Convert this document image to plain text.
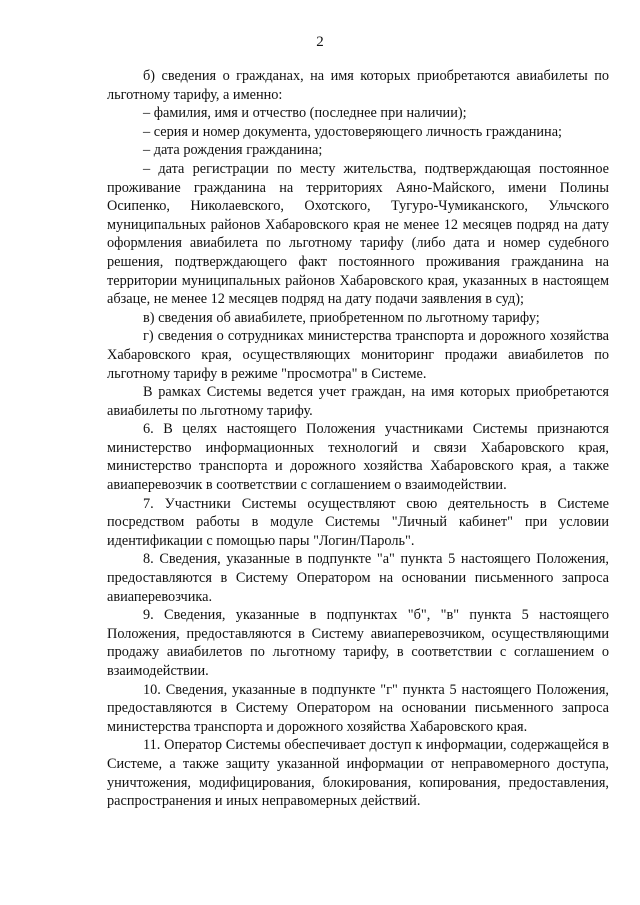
2

б) сведения о гражданах, на имя которых приобретаются авиабилеты по льготному тарифу, а именно:

– фамилия, имя и отчество (последнее при наличии);

– серия и номер документа, удостоверяющего личность гражданина;

– дата рождения гражданина;

– дата регистрации по месту жительства, подтверждающая постоянное проживание гражданина на территориях Аяно-Майского, имени Полины Осипенко, Николаевского, Охотского, Тугуро-Чумиканского, Ульчского муниципальных районов Хабаровского края не менее 12 месяцев подряд на дату оформления авиабилета по льготному тарифу (либо дата и номер судебного решения, подтверждающего факт постоянного проживания гражданина на территории муниципальных районов Хабаровского края, указанных в настоящем абзаце, не менее 12 месяцев подряд на дату подачи заявления в суд);

в) сведения об авиабилете, приобретенном по льготному тарифу;

г) сведения о сотрудниках министерства транспорта и дорожного хозяйства Хабаровского края, осуществляющих мониторинг продажи авиабилетов по льготному тарифу в режиме "просмотра" в Системе.

В рамках Системы ведется учет граждан, на имя которых приобретаются авиабилеты по льготному тарифу.

6. В целях настоящего Положения участниками Системы признаются министерство информационных технологий и связи Хабаровского края, министерство транспорта и дорожного хозяйства Хабаровского края, а также авиаперевозчик в соответствии с соглашением о взаимодействии.

7. Участники Системы осуществляют свою деятельность в Системе посредством работы в модуле Системы "Личный кабинет" при условии идентификации с помощью пары "Логин/Пароль".

8. Сведения, указанные в подпункте "а" пункта 5 настоящего Положения, предоставляются в Систему Оператором на основании письменного запроса авиаперевозчика.

9. Сведения, указанные в подпунктах "б", "в" пункта 5 настоящего Положения, предоставляются в Систему авиаперевозчиком, осуществляющими продажу авиабилетов по льготному тарифу, в соответствии с соглашением о взаимодействии.

10. Сведения, указанные в подпункте "г" пункта 5 настоящего Положения, предоставляются в Систему Оператором на основании письменного запроса министерства транспорта и дорожного хозяйства Хабаровского края.

11. Оператор Системы обеспечивает доступ к информации, содержащейся в Системе, а также защиту указанной информации от неправомерного доступа, уничтожения, модифицирования, блокирования, копирования, предоставления, распространения и иных неправомерных действий.
